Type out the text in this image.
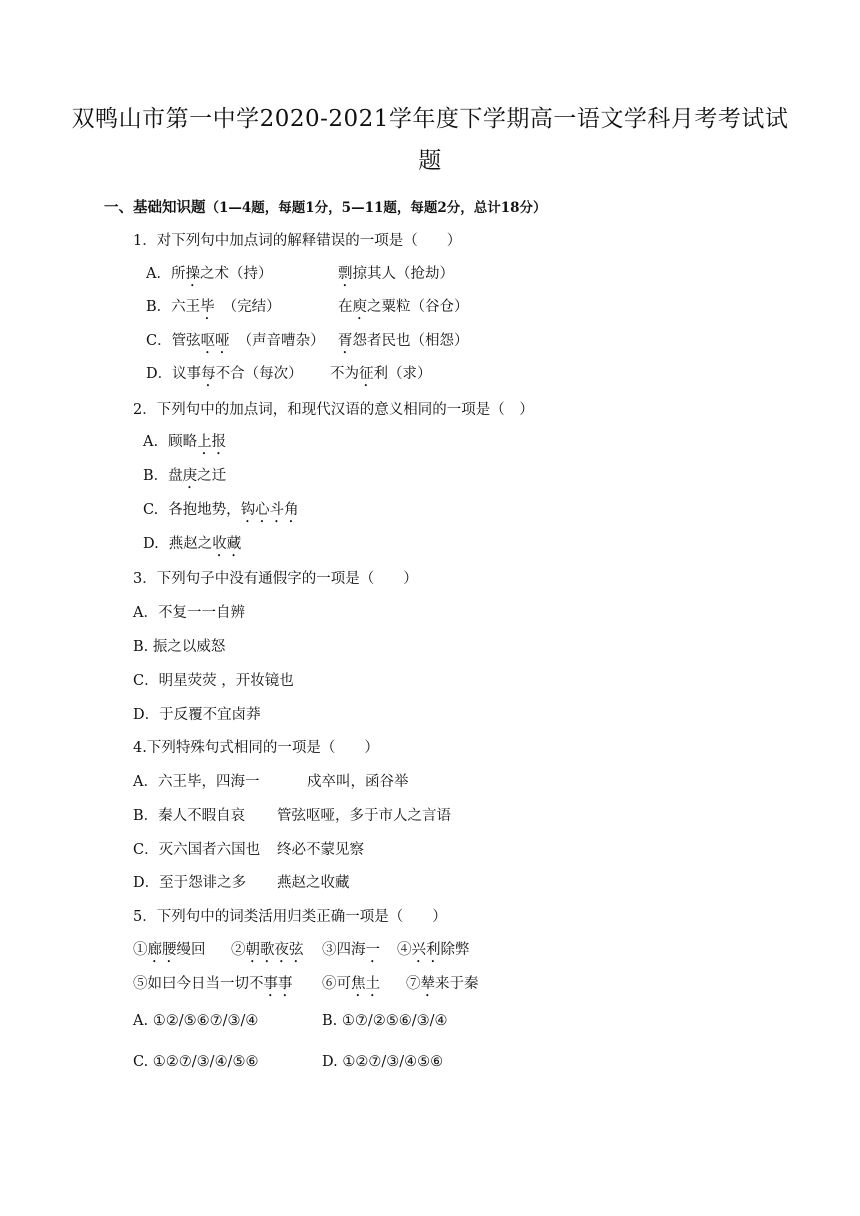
双鸭山市第一中学2020-2021学年度下学期高一语文学科月考考试试
题
一、基础知识题（1—4题，每题1分，5—11题，每题2分，总计18分）
1．对下列句中加点词的解释错误的一项是（　　）
A．所操之术（持）	剽掠其人（抢劫）
B．六王毕 （完结）	在庾之粟粒（谷仓）
C．管弦呕哑 （声音嘈杂） 胥怨者民也（相怨）
D．议事每不合（每次） 不为征利（求）
2．下列句中的加点词，和现代汉语的意义相同的一项是（　）
A. 顾略上报
B．盘庚之迁
C. 各抱地势，钩心斗角
D. 燕赵之收藏
3．下列句子中没有通假字的一项是（　　）
A．不复一一自辨
B. 振之以威怒
C．明星荧荧 ，开妆镜也
D．于反覆不宜卤莽
4.下列特殊句式相同的一项是（　　）
A．六王毕，四海一	戍卒叫，函谷举
B．秦人不暇自哀 管弦呕哑，多于市人之言语
C．灭六国者六国也 终必不蒙见察
D．至于怨诽之多 燕赵之收藏
5．下列句中的词类活用归类正确一项是（　　）
①廊腰缦回 ②朝歌夜弦 ③四海一 ④兴利除弊
⑤如曰今日当一切不事事 ⑥可焦土 ⑦辇来于秦
A. ①②/⑤⑥⑦/③/④	B. ①⑦/②⑤⑥/③/④
C. ①②⑦/③/④/⑤⑥	D. ①②⑦/③/④⑤⑥
